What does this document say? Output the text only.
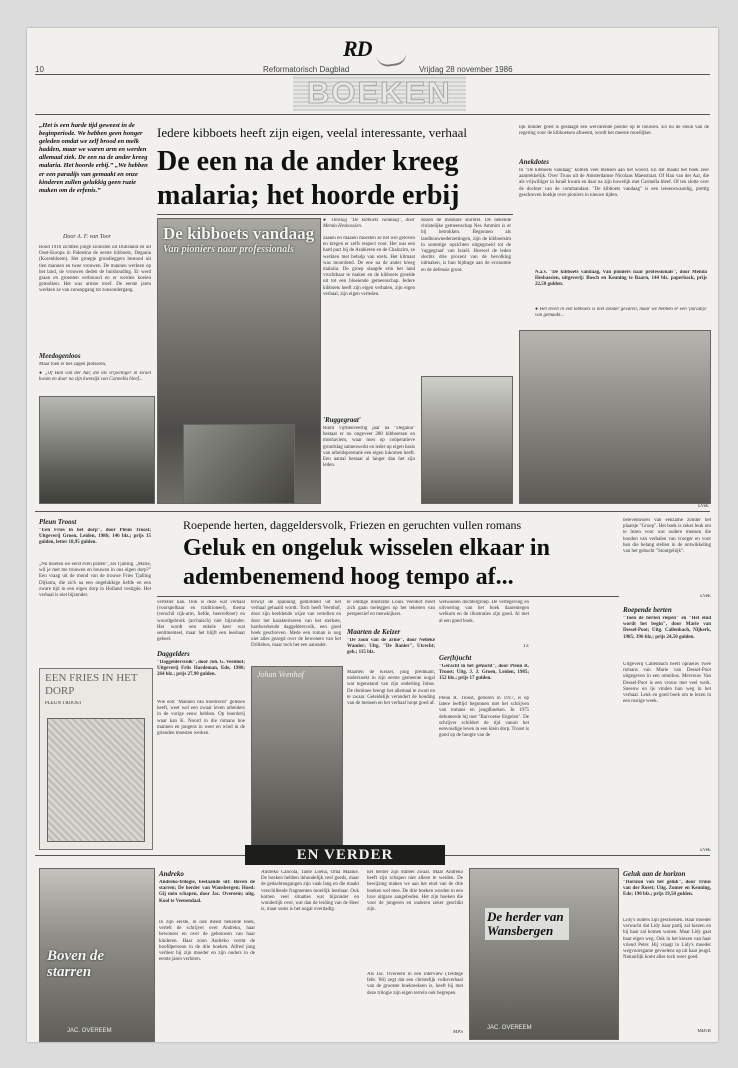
RD
10	Reformatorisch Dagblad	Vrijdag 28 november 1986
BOEKEN
„Het is een harde tijd geweest in de beginperiode. We hebben geen honger geleden omdat we zelf brood en melk hadden, maar we waren arm en werden allemaal ziek. De een na de ander kreeg malaria. Het hoorde erbij.” „We hebben er een paradijs van gemaakt en onze kinderen zullen gelukkig geen ruzie maken om de erfenis.”
Door A. F. van Toor
Rond 1910 zichtten jonge zionisten uit Duitsland en uit Oost-Europa in Palestina de eerste kibboets, Degania (Korenbloem). Het groepje grondleggers bestond uit tien mannen en twee vrouwen. De mannen werkten op het land, de vrouwen deden de huishouding. Er werd graan en groenten verbouwd en er werden koeien gemolken. Het was armoe troef. De eerste jaren werkten ze van zonsopgang tot zonsondergang.
Meedogenloos
Maar toen er bes zagen plotseren,
● „Of Han van der Aar, die als vrijwilliger in Israël kwam en daar na zijn kwetsijk van Carmella bleef...
Iedere kibboets heeft zijn eigen, veelal interessante, verhaal
De een na de ander kreeg malaria; het hoorde erbij
De kibboets vandaag
Van pioniers naar professionals
● Omslag "De kibboets vandaag", door Menda Hesbassien.
zaaien en maaien moesten ze het wel geloven en kregen er zelfs respect voor. Het was een hard pact bij de Arabieren en de Chaluzim, ze werkten met behulp van ezels. Het klimaat was moordend. De ene na de ander kreeg malaria. De groep slaagde erin het land vruchtbaar te maken en de kibboets groeide uit tot een bloeiende gemeenschap. Iedere kibboets heeft zijn eigen verhalen, zijn eigen verhaal, zijn eigen verleden.
'Ruggegraat'
Ruim vijftienveertig jaar na "Degania" bestaat er nu ongeveer 280 kibboetsen en moshaviem, waar men op coöperatieve grondslag samenwerkt en ieder op eigen basis van arbeidsprestatie een eigen inkomen heeft. Een aantal bestaat al langer dan het zijn leden.
dozen de mosbare shirotel. De bekende christelijke gemeenschap Nes Ammim is er bij betrokken. Begonnen als landbouwnederzettingen, zijn de kibboetsim in sommige opzichten uitgegroeid tot de 'ruggegraat' van Israël. Hoewel de leden slechts drie procent van de bevolking uitmaken, is hun bijdrage aan de economie en de defensie groot.
lijk minder goed is geslaagd een welvarende positie op te bouwen. En nu de steun van de regering voor de kibboetsen afneemt, wordt het meeste moeilijker.
Anekdotes
In "De kibboets vandaag" komen veel mensen aan het woord. En dat maakt het boek zeer aantrekkelijk. Over Truus uit de Amsterdamse Nicolaas Maesstraat. Of Han van der Aar, die als vrijwilliger in Israël kwam en daar na zijn huwelijk met Carmella bleef. Of ten slotte over de dochter van de commandant. "De kibboets vandaag" is een leesenswaardig, prettig geschreven boekje over pioniers in nieuwe tijden.
N.a.v. "De kibboets vandaag, Van pioniers naar professionals", door Menda Hesbassien, uitgeverij: Bosch en Keuning te Baarn, 144 blz. paperback, prijs 22,50 gulden.
● Het leven in een kibboets is niet zonder gevaren, maar we hebben er een 'paradijs' van gemaakt...
LVeE
Pleun Troost
"Een Fries in het dorp", door Pleun Troost; Uitgeverij Groen, Leiden, 1986; 146 blz.; prijs 15 gulden, letter 18,95 gulden.
„Nu moeten we eerst even praten”, zei Tjalling. „Marie, wil je met me trouwen en bouwen in ons eigen dorp?” Een vraag uit de mond van de trouwe Fries Tjalling Dijkstra, die zich na een ongelukkige liefde en een zware tijd in een eigen dorp in Holland vestigde. Het verhaal is niet bijzonder.
EEN FRIES IN HET DORP
PLEUN TROOST
Roepende herten, daggeldersvolk, Friezen en geruchten vullen romans
Geluk en ongeluk wisselen elkaar in adembenemend hoog tempo af...
verteller kan. Ook is deze wat verhaal (voorspelbaar en traditioneel), thema (verschil rijk-arm, liefde, beerrelboer) en woordgebruik (archaïsch) niet bijzonder. Het wordt een enkele keer wat sentimenteel, maar het blijft een leesbaar geheel.
Daggelders
"Daggeldersvolk", door Joh. G. Veenhof; Uitgeverij Friis Hardeman, Ede, 1986; 264 blz.; prijs 27,90 gulden.
Wie ooit "Mannen van Sliedrecht" gelezen heeft, weet wel een zwaar leven arbeiders in de vorige eeuw hebben. Op boerderij waar kan K. Noord in die romans hoe mannen en jongens in weer en wind in de grienden moesten werken.
terwijl de spanning gemiddeld uit het verhaal gehaald wordt. Toch heeft Veenhof, door zijn beeldende wijze van vertellen en door het karakteriseren van het sterkste, hardwerkende daggeldersvolk, een goed boek geschreven. Mede een roman is nog niet alles gezegd over de bewoners van het Drillebos, maar toch het een aanrader.
Johan Veenhof
te ontdige illustratie Louis Veenhof moet zich gaan toeleggen op het tekenen van perspectief en menskijkers.
Maarten de Keizer
"De zoon van de arme", door Nelleke Wander; Uitg. "De Banier", Utrecht; geb.; 115 blz.
Maarten de Keizer, jong predikant, onderzoekt in zijn eerste gemeente nogal wat tegenstand van zijn onderling Jobse. De dominee brengt het allemaal te zwart en te zwaar. Geleidelijk verandert de houding van de mensen en het verhaal loopt goed af.
welwassen dochtergroep. De vertegeving en uitvoering van het boek daarentegen welkom en de illustraties zijn goed. Al met al een goed boek.
TZ
Ger(h)ucht
"Geracht in het gehucht", door Pleun R. Troost; Uitg. J. J. Groen, Leiden, 1985; 152 blz.; prijs 17 gulden.
Pleun R. Troost, geboren in 1917, is op latere leeftijd begonnen met het schrijven van romans en jeugdboeken. In 1975 debuteerde hij met "Barvoetse Engelen". De schrijver schildert de tijd vanuit het eenvoudige leven in een klein dorp. Troost is goed op de hoogte van de
beleventissen van eenzame zonder het plaatsje "Groep". Het boek is zeker leuk om te lezen voor wat oudere mensen die houden van verhalen van vroeger en voor hen die belang stellen in de ontwikkeling van het gehucht "Stoutgehijk".
LVeE
Roepende herten
"Toen de herten riepen" en "Het eind wordt het begin", door Marie van Dessel-Poot; Uitg. Callenbach, Nijkerk, 1985; 396 blz.; prijs 24,50 gulden.
Uitgeverij Callenbach heeft opnieuw twee romans van Marie van Dessel-Poot uitgegeven in een omnibus. Mevrouw Van Dessel-Poot is een vrouw met veel werk. Sneeuw en ijs vinden hun weg in het verhaal. Leuk en goed boek om te lezen in een rustige week.
LVeE
EN VERDER
Boven de starren
JAC. OVEREEM
Andreko
Andreko-trilogie, bestaande uit: Boven de starren; De herder van Wansbergen; Hoed: Gij mèn schapen, door Jac. Overeem; uitg. Kool te Veenendaal.
In zijn eerste, in ook meest bekende boek, vertelt de schrijver over Andreko, haar bewoners en over de gebouwen van haar kinderen. Haar zoon Andreko vormt de hoofdpersoon in de drie boeken. Alfred jong verliest hij zijn moeder en zijn ouders in de eerste jaren verloren.
Andreko Cancola, Tante Loena, Oma Maaike. De boeken hebben inhoudelijk veel goeds, maar de gedachtengangen zijn vaak lang en die maakt verschillende fragmenten moeilijk leesbaar. Ook komen veel situaties wat bijzonder en wonderlijk over, wat dan de leiding van de Heer is, maar soms is het nogal overdadig.
het herder zijn dubbel zwaar. Maar Andreko heeft zijn schapen niet alleen te weiden. De bewijzing maken we aan het eind van de drie boeken wel mee. De drie boeken worden in een luxe uitgave aangeboden. Het zijn boeken die voor de jongeren en ouderen zeker geschikt zijn.
Als Jac. Overeem in een interview (Terdege febr. '86) zegt dat een christelijk volksverhaal van de grootste boekreeksen is, heeft hij met deze trilogie zijn eigen terrein ook begrepen.
MPS
De herder van Wansbergen
JAC. OVEREEM
Geluk aan de horizon
"Horizon van het geluk", door Truus van der Roest; Uitg. Zomer en Keuning, Ede; 190 blz.; prijs 19,50 gulden.
Lidy's ouders zijn gescheiden. Haar moeder verwacht dat Lidy haar partij zal kiezen en bij haar zal komen wonen. Maar Lidy gaat haar eigen weg. Ook in het kiezen van haar vriend Peter. Hij vraagt in Lidy's moeder wegvoorsgame gevoelens op uit haar jeugd. Natuurlijk komt alles toch weer goed.
MBvR
